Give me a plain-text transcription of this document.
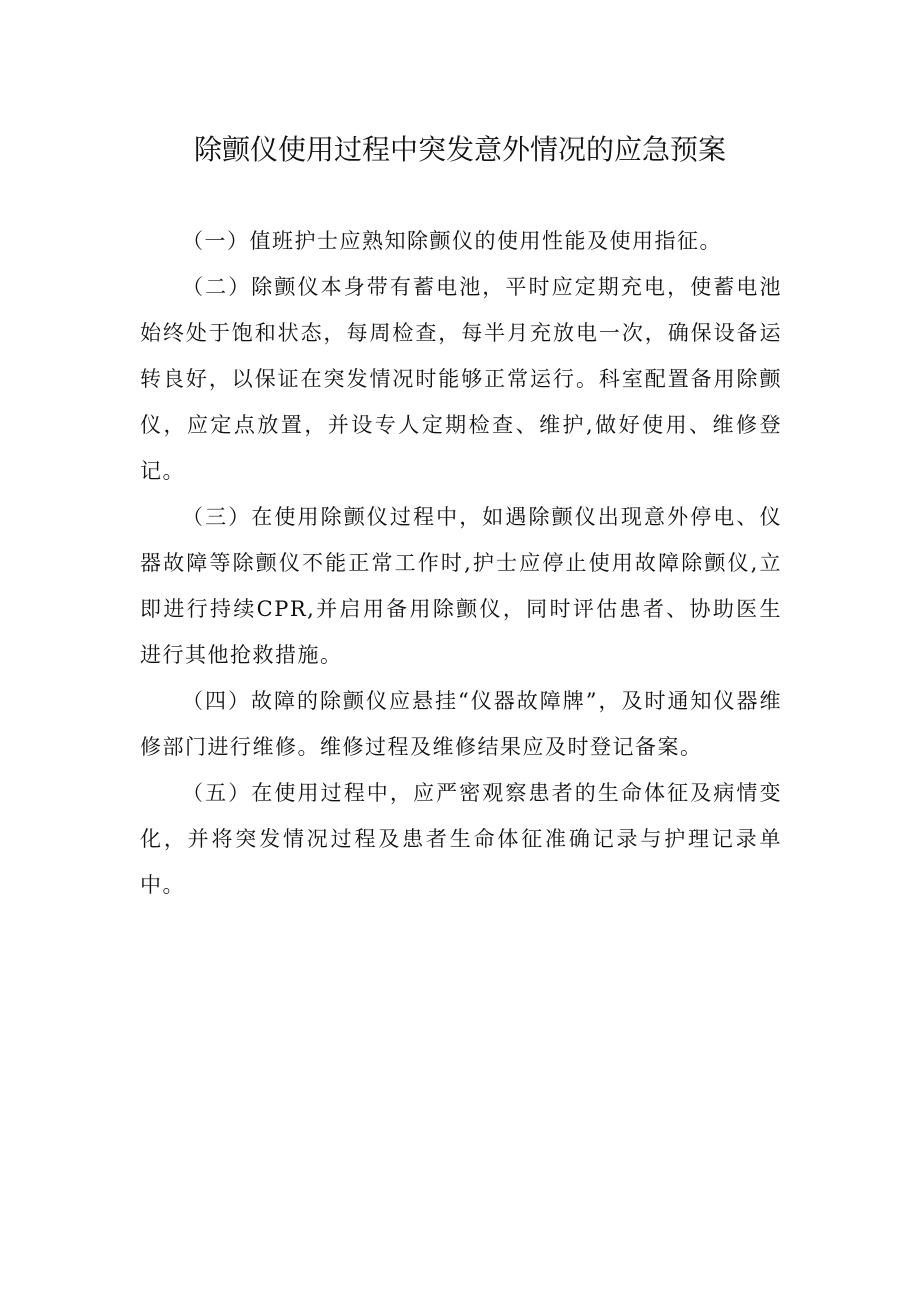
除颤仪使用过程中突发意外情况的应急预案

（一）值班护士应熟知除颤仪的使用性能及使用指征。

（二）除颤仪本身带有蓄电池，平时应定期充电，使蓄电池始终处于饱和状态，每周检查，每半月充放电一次，确保设备运转良好，以保证在突发情况时能够正常运行。科室配置备用除颤仪，应定点放置，并设专人定期检查、维护,做好使用、维修登记。

（三）在使用除颤仪过程中，如遇除颤仪出现意外停电、仪器故障等除颤仪不能正常工作时,护士应停止使用故障除颤仪,立即进行持续CPR,并启用备用除颤仪，同时评估患者、协助医生进行其他抢救措施。

（四）故障的除颤仪应悬挂“仪器故障牌”，及时通知仪器维修部门进行维修。维修过程及维修结果应及时登记备案。

（五）在使用过程中，应严密观察患者的生命体征及病情变化，并将突发情况过程及患者生命体征准确记录与护理记录单中。
